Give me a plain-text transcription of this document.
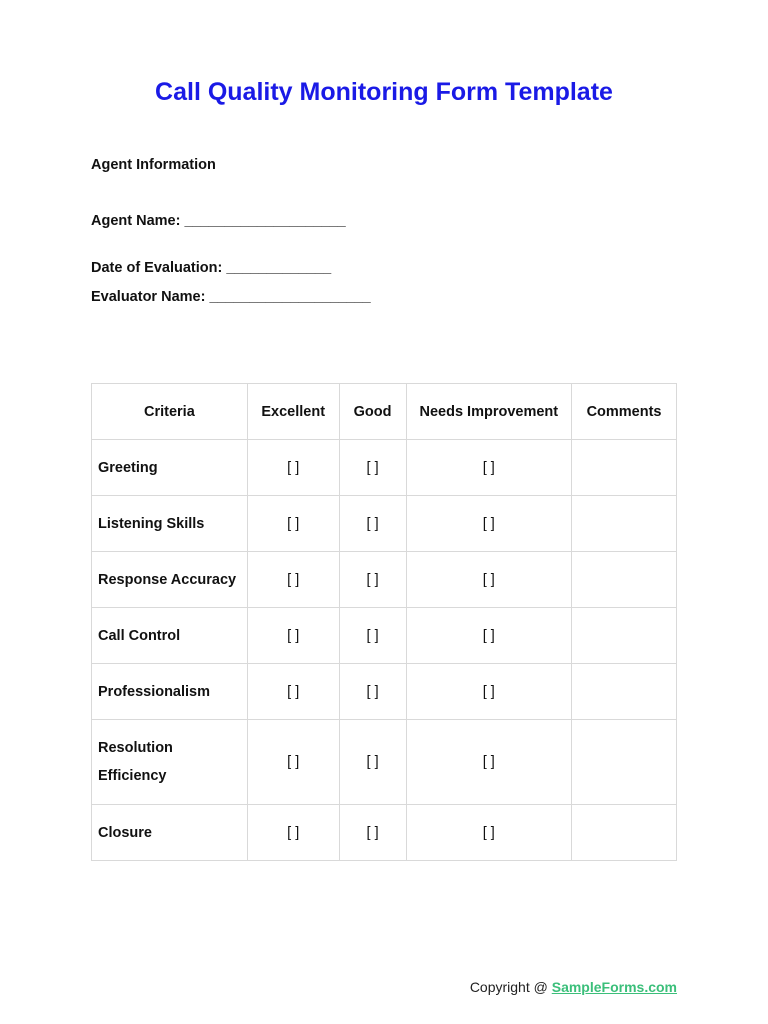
Call Quality Monitoring Form Template
Agent Information
Agent Name: ____________________
Date of Evaluation: _____________
Evaluator Name: ____________________
Criteria	Excellent	Good	Needs Improvement	Comments
Greeting	[ ]	[ ]	[ ]	
Listening Skills	[ ]	[ ]	[ ]	
Response Accuracy	[ ]	[ ]	[ ]	
Call Control	[ ]	[ ]	[ ]	
Professionalism	[ ]	[ ]	[ ]	
Resolution Efficiency	[ ]	[ ]	[ ]	
Closure	[ ]	[ ]	[ ]	
Copyright @ SampleForms.com
